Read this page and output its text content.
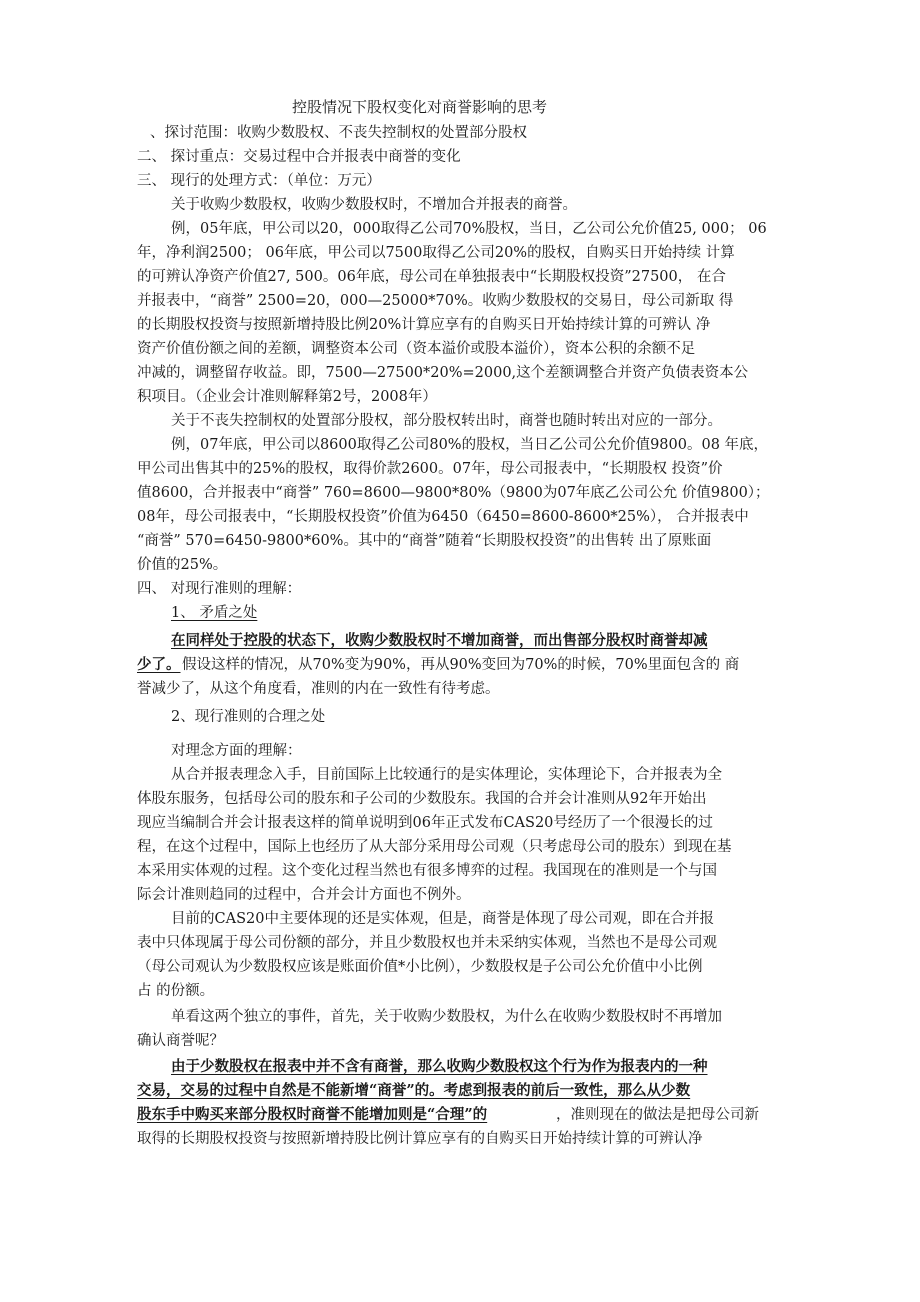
控股情况下股权变化对商誉影响的思考
、探讨范围：收购少数股权、不丧失控制权的处置部分股权
二、 探讨重点：交易过程中合并报表中商誉的变化
三、 现行的处理方式：（单位：万元）
关于收购少数股权，收购少数股权时，不增加合并报表的商誉。
例，05年底，甲公司以20，000取得乙公司70%股权，当日，乙公司公允价值25, 000； 06
年，净利润2500； 06年底，甲公司以7500取得乙公司20%的股权，自购买日开始持续 计算
的可辨认净资产价值27, 500。06年底，母公司在单独报表中“长期股权投资”27500， 在合
并报表中，“商誉” 2500=20，000—25000*70%。收购少数股权的交易日，母公司新取 得
的长期股权投资与按照新增持股比例20%计算应享有的自购买日开始持续计算的可辨认 净
资产价值份额之间的差额，调整资本公司（资本溢价或股本溢价），资本公积的余额不足
冲减的，调整留存收益。即，7500—27500*20%=2000,这个差额调整合并资产负债表资本公
积项目。（企业会计准则解释第2号，2008年）
关于不丧失控制权的处置部分股权，部分股权转出时，商誉也随时转出对应的一部分。
例，07年底，甲公司以8600取得乙公司80%的股权，当日乙公司公允价值9800。08 年底，
甲公司出售其中的25%的股权，取得价款2600。07年，母公司报表中，“长期股权 投资”价
值8600，合并报表中“商誉” 760=8600—9800*80%（9800为07年底乙公司公允 价值9800）；
08年，母公司报表中，“长期股权投资”价值为6450（6450=8600-8600*25%）， 合并报表中
“商誉” 570=6450-9800*60%。其中的“商誉”随着“长期股权投资”的出售转 出了原账面
价值的25%。
四、 对现行准则的理解：
1、 矛盾之处
在同样处于控股的状态下，收购少数股权时不增加商誉，而出售部分股权时商誉却减
少了。 假设这样的情况，从70%变为90%，再从90%变回为70%的时候，70%里面包含的 商
誉减少了，从这个角度看，准则的内在一致性有待考虑。
2、现行准则的合理之处
对理念方面的理解：
从合并报表理念入手，目前国际上比较通行的是实体理论，实体理论下，合并报表为全
体股东服务，包括母公司的股东和子公司的少数股东。我国的合并会计准则从92年开始出
现应当编制合并会计报表这样的简单说明到06年正式发布CAS20号经历了一个很漫长的过
程，在这个过程中，国际上也经历了从大部分采用母公司观（只考虑母公司的股东）到现在基
本采用实体观的过程。这个变化过程当然也有很多博弈的过程。我国现在的准则是一个与国
际会计准则趋同的过程中，合并会计方面也不例外。
目前的CAS20中主要体现的还是实体观，但是，商誉是体现了母公司观，即在合并报
表中只体现属于母公司份额的部分，并且少数股权也并未采纳实体观，当然也不是母公司观
（母公司观认为少数股权应该是账面价值*小比例），少数股权是子公司公允价值中小比例
占 的份额。
单看这两个独立的事件，首先，关于收购少数股权，为什么在收购少数股权时不再增加
确认商誉呢？
由于少数股权在报表中并不含有商誉，那么收购少数股权这个行为作为报表内的一种
交易，交易的过程中自然是不能新增“商誉”的。考虑到报表的前后一致性，那么从少数
股东手中购买来部分股权时商誉不能增加则是“合理”的	，准则现在的做法是把母公司新
取得的长期股权投资与按照新增持股比例计算应享有的自购买日开始持续计算的可辨认净
